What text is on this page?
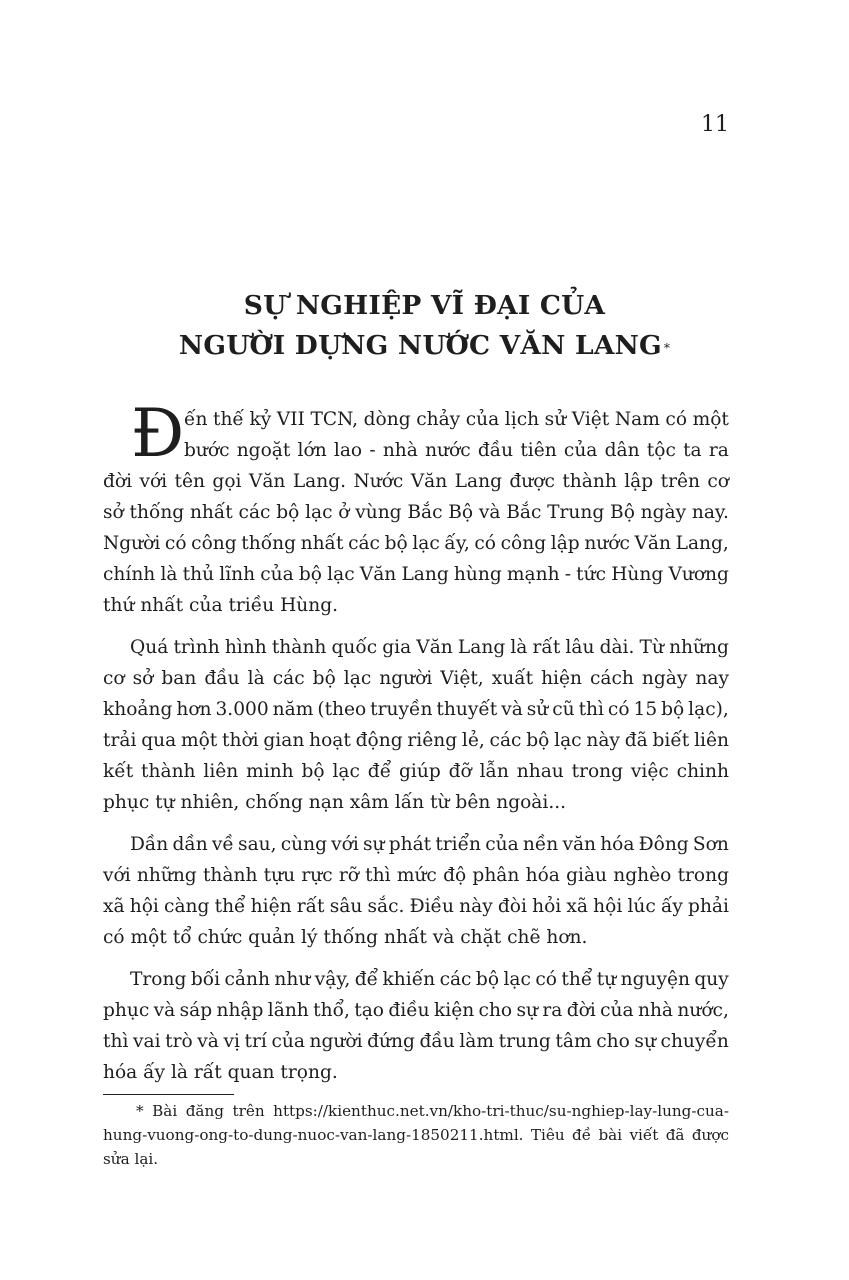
11
SỰ NGHIỆP VĨ ĐẠI CỦA
NGƯỜI DỰNG NƯỚC VĂN LANG *
Đ ến thế kỷ VII TCN, dòng chảy của lịch sử Việt Nam có một
bước ngoặt lớn lao - nhà nước đầu tiên của dân tộc ta ra
đời với tên gọi Văn Lang. Nước Văn Lang được thành lập trên cơ
sở thống nhất các bộ lạc ở vùng Bắc Bộ và Bắc Trung Bộ ngày nay.
Người có công thống nhất các bộ lạc ấy, có công lập nước Văn Lang,
chính là thủ lĩnh của bộ lạc Văn Lang hùng mạnh - tức Hùng Vương
thứ nhất của triều Hùng.
Quá trình hình thành quốc gia Văn Lang là rất lâu dài. Từ những
cơ sở ban đầu là các bộ lạc người Việt, xuất hiện cách ngày nay
khoảng hơn 3.000 năm (theo truyền thuyết và sử cũ thì có 15 bộ lạc),
trải qua một thời gian hoạt động riêng lẻ, các bộ lạc này đã biết liên
kết thành liên minh bộ lạc để giúp đỡ lẫn nhau trong việc chinh
phục tự nhiên, chống nạn xâm lấn từ bên ngoài...
Dần dần về sau, cùng với sự phát triển của nền văn hóa Đông Sơn
với những thành tựu rực rỡ thì mức độ phân hóa giàu nghèo trong
xã hội càng thể hiện rất sâu sắc. Điều này đòi hỏi xã hội lúc ấy phải
có một tổ chức quản lý thống nhất và chặt chẽ hơn.
Trong bối cảnh như vậy, để khiến các bộ lạc có thể tự nguyện quy
phục và sáp nhập lãnh thổ, tạo điều kiện cho sự ra đời của nhà nước,
thì vai trò và vị trí của người đứng đầu làm trung tâm cho sự chuyển
hóa ấy là rất quan trọng.
* Bài đăng trên https://kienthuc.net.vn/kho-tri-thuc/su-nghiep-lay-lung-cua-
hung-vuong-ong-to-dung-nuoc-van-lang-1850211.html. Tiêu đề bài viết đã được
sửa lại.
